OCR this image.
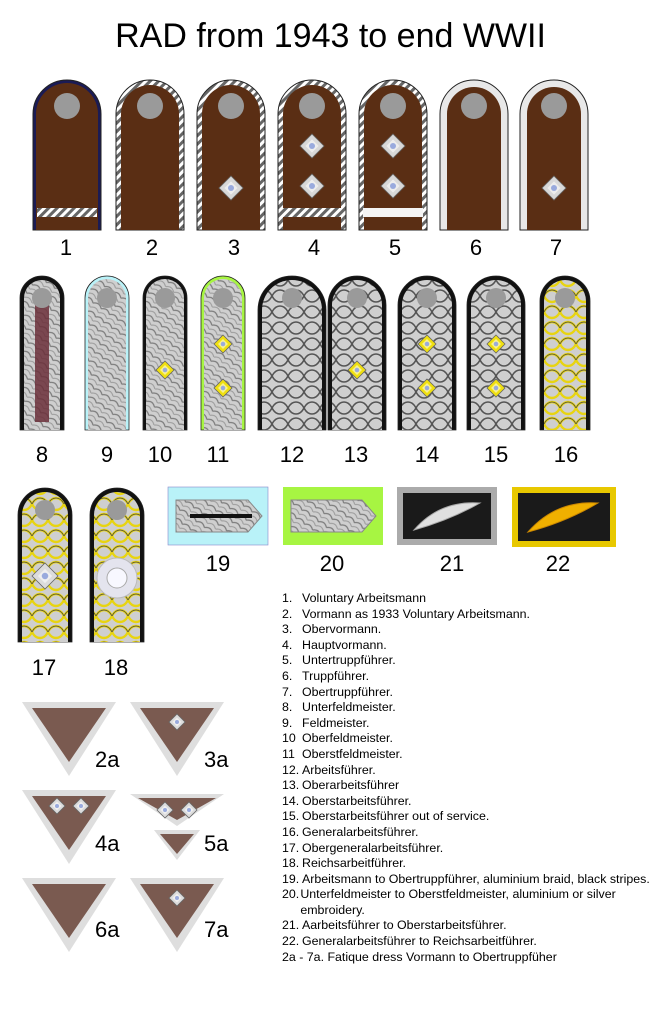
RAD from 1943 to end WWII
1	2	3	4	5	6	7
8	9	10	11	12	13	14	15	16
17	18
19	20	21	22
2a	3a
4a	5a
6a	7a
1. Voluntary Arbeitsmann
2. Vormann as 1933 Voluntary Arbeitsmann.
3. Obervormann.
4. Hauptvormann.
5. Untertruppführer.
6. Truppführer.
7. Obertruppführer.
8. Unterfeldmeister.
9. Feldmeister.
10 Oberfeldmeister.
11 Oberstfeldmeister.
12. Arbeitsführer.
13. Oberarbeitsführer
14. Oberstarbeitsführer.
15. Oberstarbeitsführer out of service.
16. Generalarbeitsführer.
17. Obergeneralarbeitsführer.
18. Reichsarbeitführer.
19. Arbeitsmann to Obertruppführer, aluminium braid, black stripes.
20. Unterfeldmeister to Oberstfeldmeister, aluminium or silver embroidery.
21. Aarbeitsführer to Oberstarbeitsführer.
22. Generalarbeitsführer to Reichsarbeitführer.
2a - 7a. Fatique dress Vormann to Obertruppfüher
